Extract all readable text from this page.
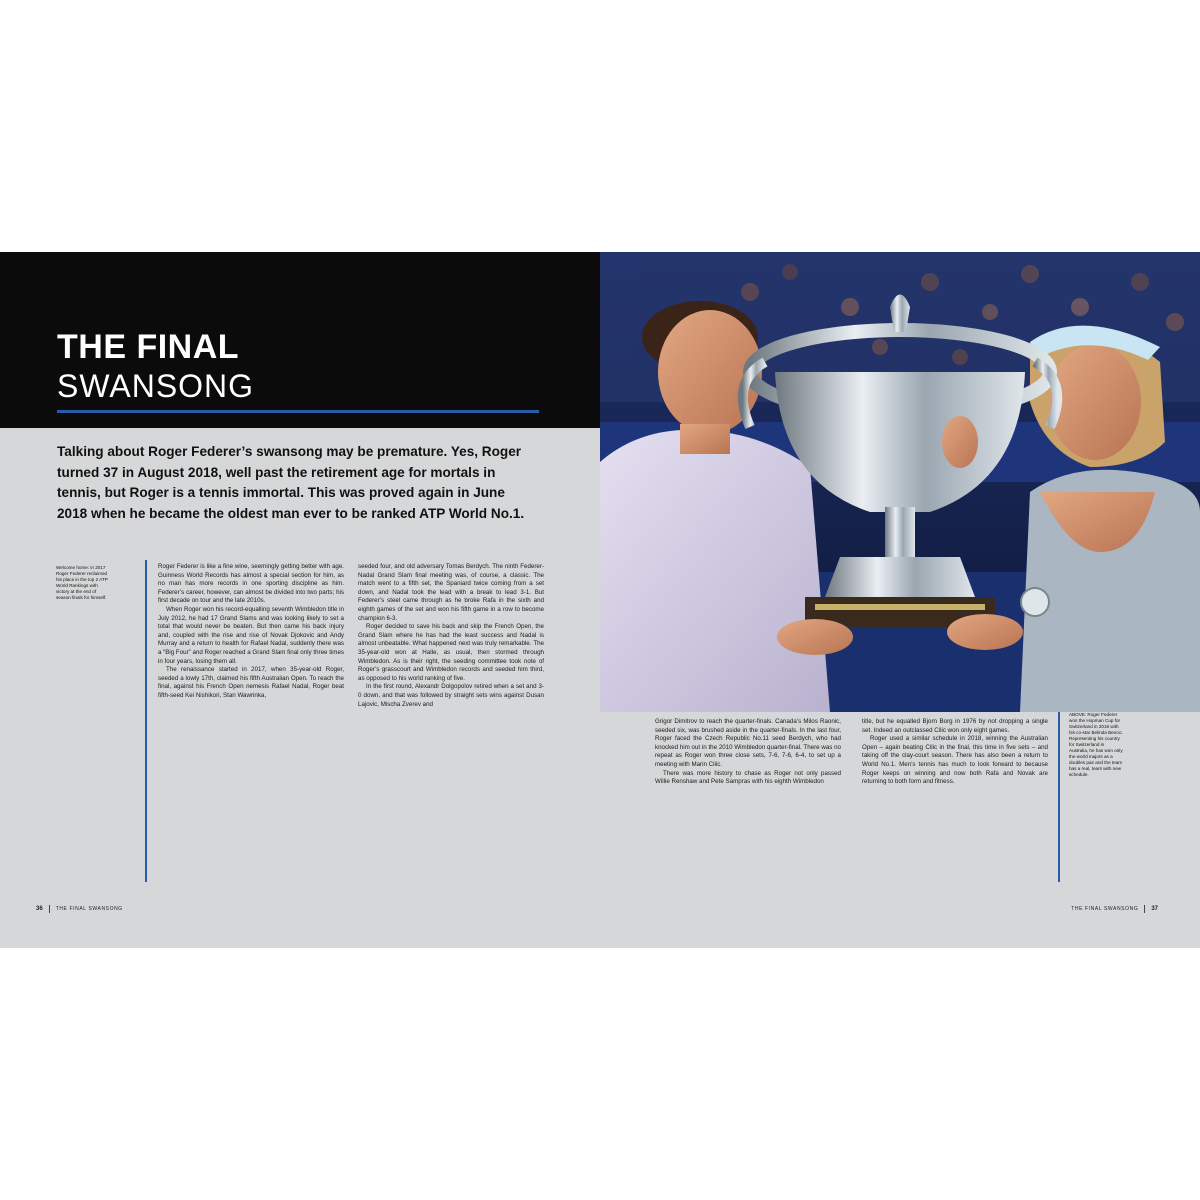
THE FINAL
SWANSONG
Talking about Roger Federer’s swansong may be premature. Yes, Roger turned 37 in August 2018, well past the retirement age for mortals in tennis, but Roger is a tennis immortal. This was proved again in June 2018 when he became the oldest man ever to be ranked ATP World No.1.
Welcome home: in 2017 Roger Federer reclaimed his place in the top 2 ATP World Rankings with victory at the end of season finals for himself.

Roger Federer is like a fine wine, seemingly getting better with age. Guinness World Records has almost a special section for him, as no man has more records in one sporting discipline as him. Federer’s career, however, can almost be divided into two parts; his first decade on tour and the late 2010s.

When Roger won his record-equalling seventh Wimbledon title in July 2012, he had 17 Grand Slams and was looking likely to set a total that would never be beaten. But then came his back injury and, coupled with the rise and rise of Novak Djokovic and Andy Murray and a return to health for Rafael Nadal, suddenly there was a “Big Four” and Roger reached a Grand Slam final only three times in four years, losing them all.

The renaissance started in 2017, when 35-year-old Roger, seeded a lowly 17th, claimed his fifth Australian Open. To reach the final, against his French Open nemesis Rafael Nadal, Roger beat fifth-seed Kei Nishikori, Stan Wawrinka,

seeded four, and old adversary Tomas Berdych. The ninth Federer-Nadal Grand Slam final meeting was, of course, a classic. The match went to a fifth set, the Spaniard twice coming from a set down, and Nadal took the lead with a break to lead 3-1. But Federer’s steel came through as he broke Rafa in the sixth and eighth games of the set and won his fifth game in a row to become champion 6-3.

Roger decided to save his back and skip the French Open, the Grand Slam where he has had the least success and Nadal is almost unbeatable. What happened next was truly remarkable. The 35-year-old won at Halle, as usual, then stormed through Wimbledon. As is their right, the seeding committee took note of Roger’s grasscourt and Wimbledon records and seeded him third, as opposed to his world ranking of five.

In the first round, Alexandr Dolgopolov retired when a set and 3-0 down, and that was followed by straight sets wins against Dusan Lajovic, Mischa Zverev and

Grigor Dimitrov to reach the quarter-finals. Canada’s Milos Raonic, seeded six, was brushed aside in the quarter-finals. In the last four, Roger faced the Czech Republic No.11 seed Berdych, who had knocked him out in the 2010 Wimbledon quarter-final. There was no repeat as Roger won three close sets, 7-6, 7-6, 6-4, to set up a meeting with Marin Cilic.

There was more history to chase as Roger not only passed Willie Renshaw and Pete Sampras with his eighth Wimbledon

title, but he equalled Bjorn Borg in 1976 by not dropping a single set. Indeed an outclassed Cilic won only eight games.

Roger used a similar schedule in 2018, winning the Australian Open – again beating Cilic in the final, this time in five sets – and taking off the clay-court season. There has also been a return to World No.1. Men’s tennis has much to look forward to because Roger keeps on winning and now both Rafa and Novak are returning to both form and fitness.

ABOVE: Roger Federer won the Hopman Cup for Switzerland in 2018 with his co-star Belinda Bencic. Representing his country for Switzerland in Australia, he has won only the world majors as a doubles pair and the team has a real, tears with new schedule.
36	THE FINAL SWANSONG	THE FINAL SWANSONG 37
